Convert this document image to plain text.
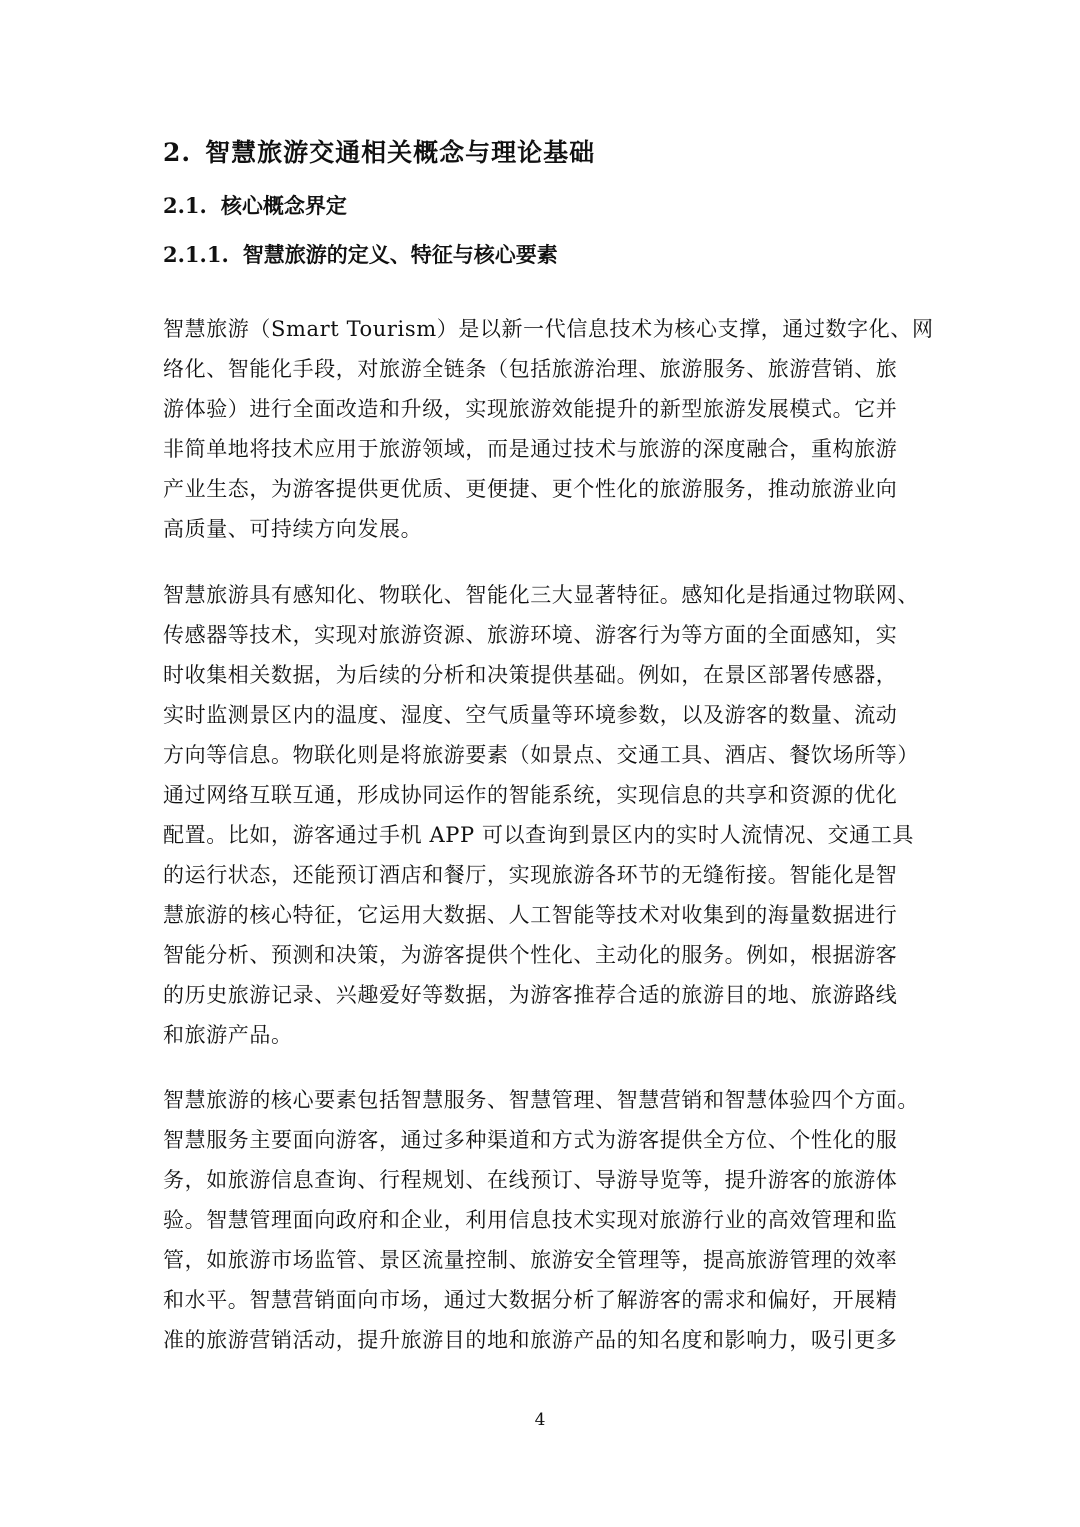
2. 智慧旅游交通相关概念与理论基础
2.1. 核心概念界定
2.1.1. 智慧旅游的定义、特征与核心要素
智慧旅游（Smart Tourism）是以新一代信息技术为核心支撑，通过数字化、网
络化、智能化手段，对旅游全链条（包括旅游治理、旅游服务、旅游营销、旅
游体验）进行全面改造和升级，实现旅游效能提升的新型旅游发展模式。它并
非简单地将技术应用于旅游领域，而是通过技术与旅游的深度融合，重构旅游
产业生态，为游客提供更优质、更便捷、更个性化的旅游服务，推动旅游业向
高质量、可持续方向发展。
智慧旅游具有感知化、物联化、智能化三大显著特征。感知化是指通过物联网、
传感器等技术，实现对旅游资源、旅游环境、游客行为等方面的全面感知，实
时收集相关数据，为后续的分析和决策提供基础。例如，在景区部署传感器，
实时监测景区内的温度、湿度、空气质量等环境参数，以及游客的数量、流动
方向等信息。物联化则是将旅游要素（如景点、交通工具、酒店、餐饮场所等）
通过网络互联互通，形成协同运作的智能系统，实现信息的共享和资源的优化
配置。比如，游客通过手机 APP 可以查询到景区内的实时人流情况、交通工具
的运行状态，还能预订酒店和餐厅，实现旅游各环节的无缝衔接。智能化是智
慧旅游的核心特征，它运用大数据、人工智能等技术对收集到的海量数据进行
智能分析、预测和决策，为游客提供个性化、主动化的服务。例如，根据游客
的历史旅游记录、兴趣爱好等数据，为游客推荐合适的旅游目的地、旅游路线
和旅游产品。
智慧旅游的核心要素包括智慧服务、智慧管理、智慧营销和智慧体验四个方面。
智慧服务主要面向游客，通过多种渠道和方式为游客提供全方位、个性化的服
务，如旅游信息查询、行程规划、在线预订、导游导览等，提升游客的旅游体
验。智慧管理面向政府和企业，利用信息技术实现对旅游行业的高效管理和监
管，如旅游市场监管、景区流量控制、旅游安全管理等，提高旅游管理的效率
和水平。智慧营销面向市场，通过大数据分析了解游客的需求和偏好，开展精
准的旅游营销活动，提升旅游目的地和旅游产品的知名度和影响力，吸引更多
4
